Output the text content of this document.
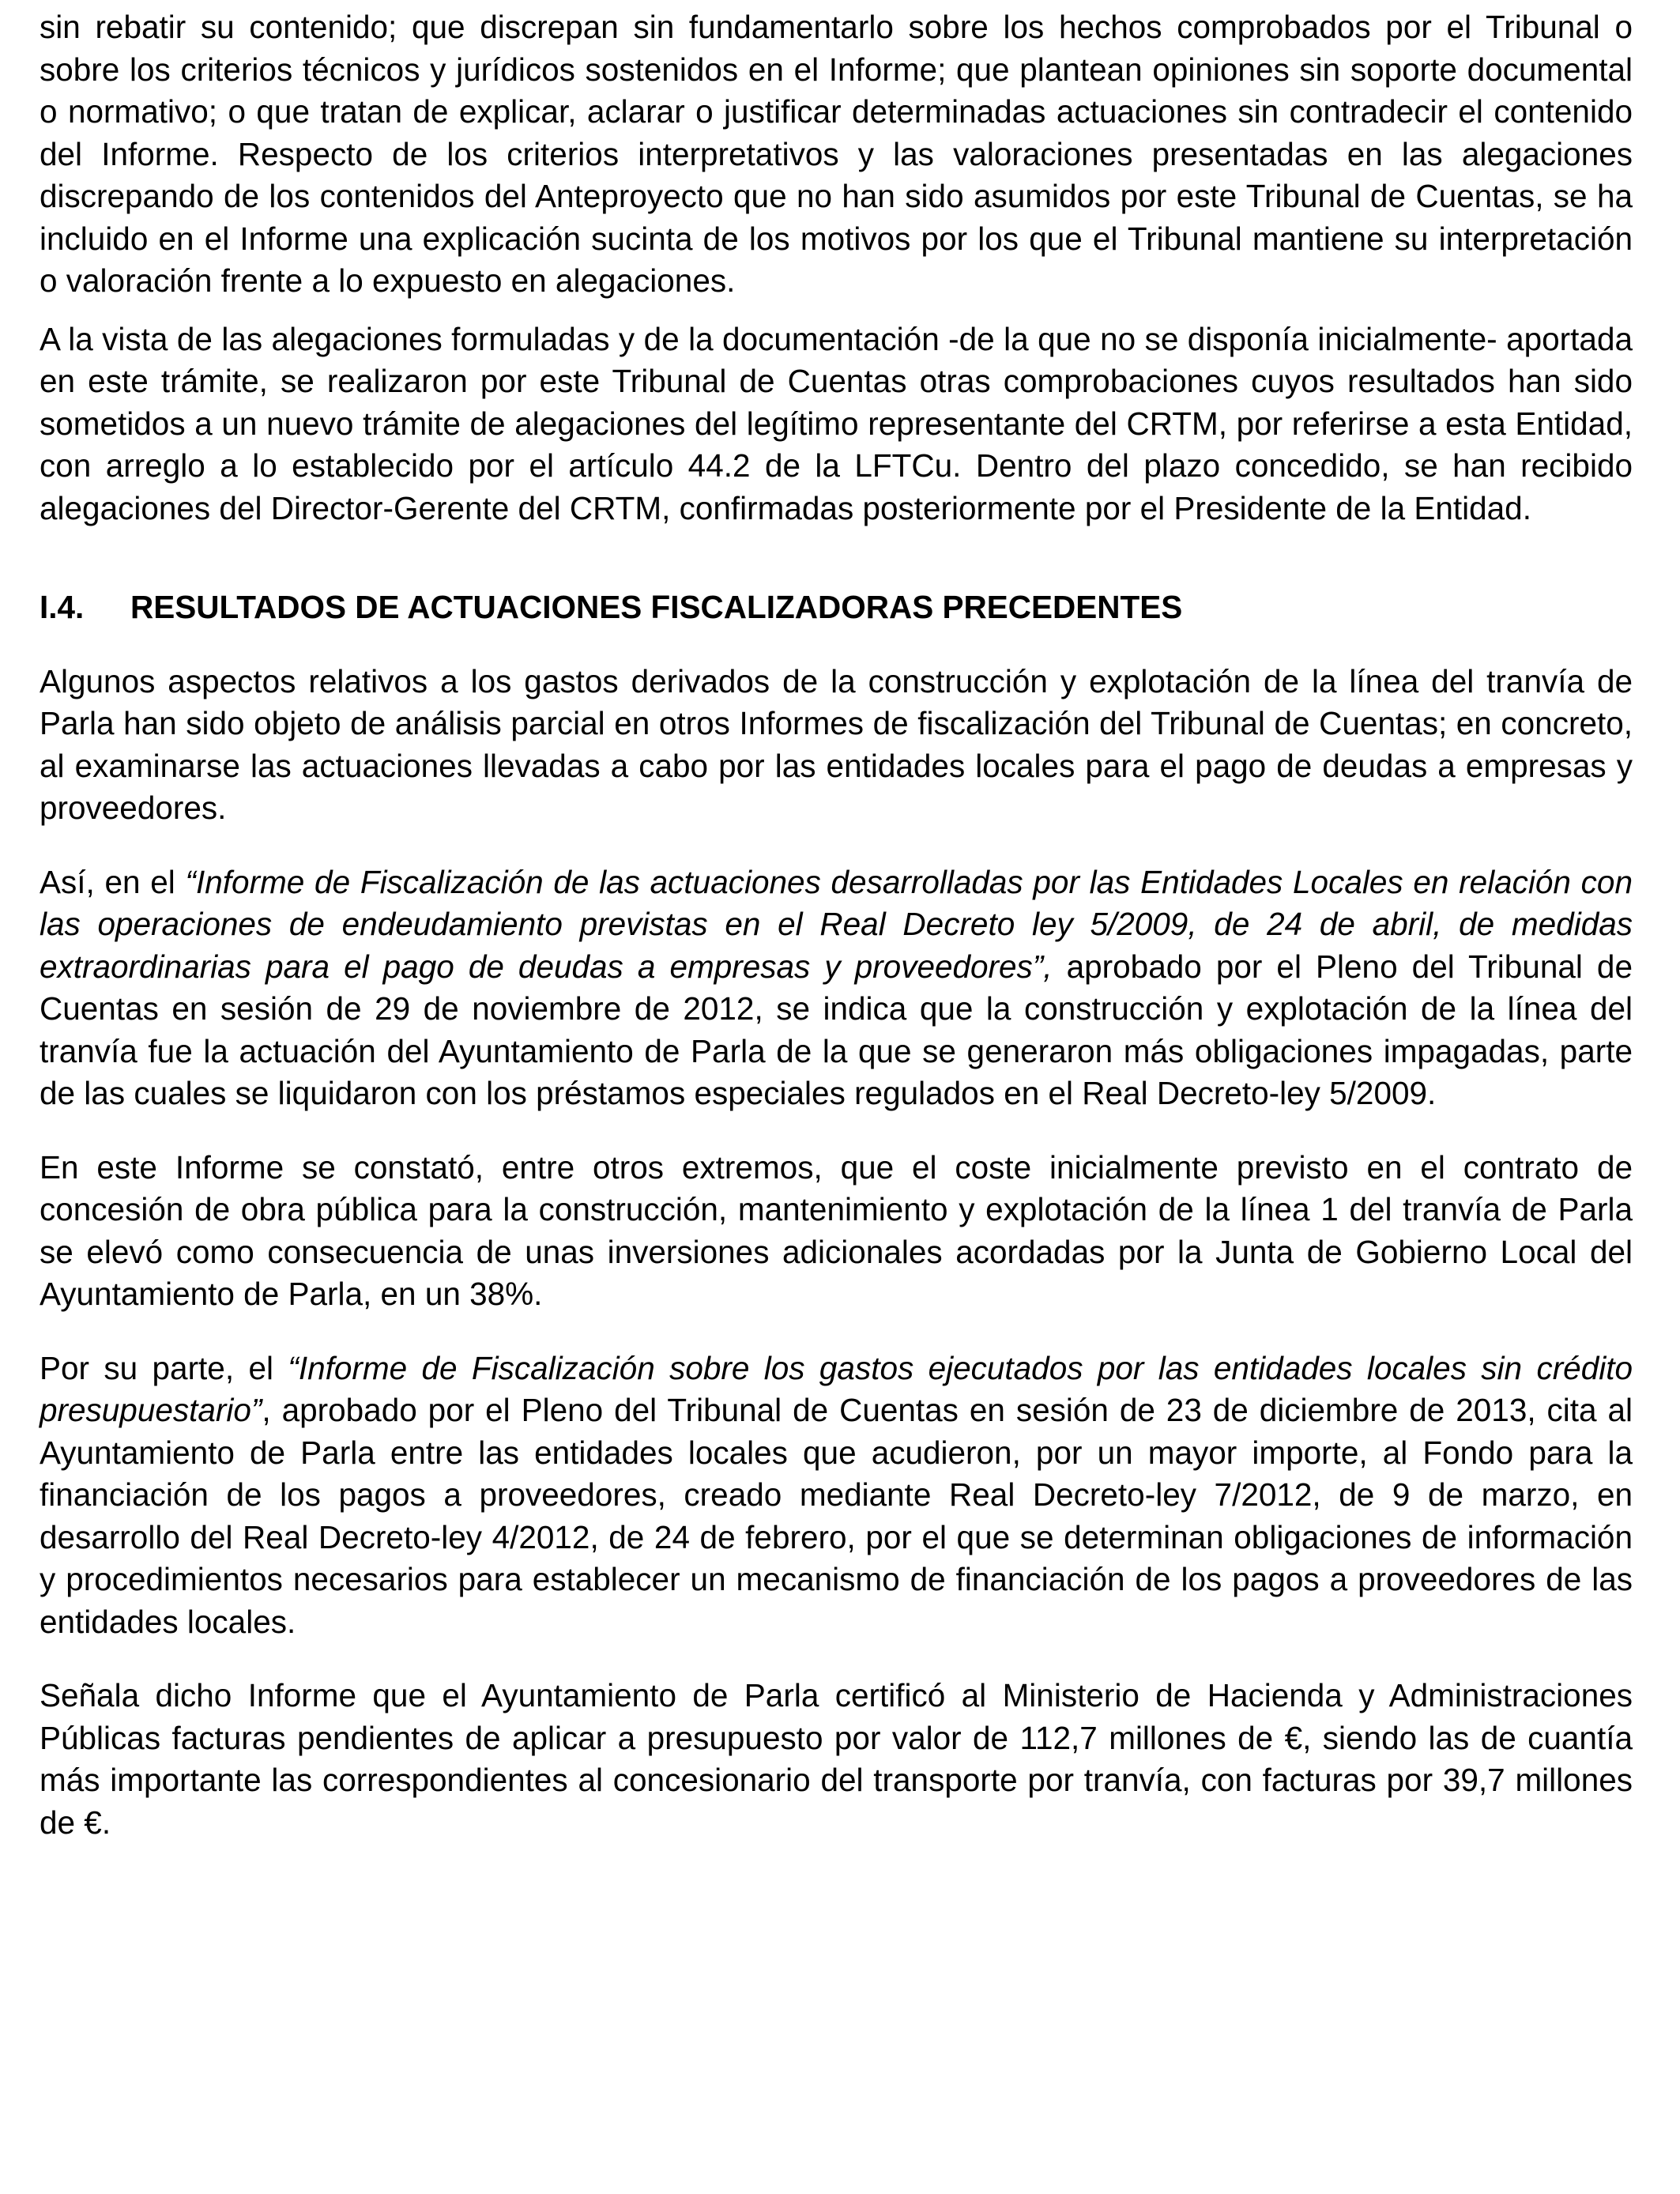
sin rebatir su contenido; que discrepan sin fundamentarlo sobre los hechos comprobados por el Tribunal o sobre los criterios técnicos y jurídicos sostenidos en el Informe; que plantean opiniones sin soporte documental o normativo; o que tratan de explicar, aclarar o justificar determinadas actuaciones sin contradecir el contenido del Informe. Respecto de los criterios interpretativos y las valoraciones presentadas en las alegaciones discrepando de los contenidos del Anteproyecto que no han sido asumidos por este Tribunal de Cuentas, se ha incluido en el Informe una explicación sucinta de los motivos por los que el Tribunal mantiene su interpretación o valoración frente a lo expuesto en alegaciones.

A la vista de las alegaciones formuladas y de la documentación -de la que no se disponía inicialmente- aportada en este trámite, se realizaron por este Tribunal de Cuentas otras comprobaciones cuyos resultados han sido sometidos a un nuevo trámite de alegaciones del legítimo representante del CRTM, por referirse a esta Entidad, con arreglo a lo establecido por el artículo 44.2 de la LFTCu. Dentro del plazo concedido, se han recibido alegaciones del Director-Gerente del CRTM, confirmadas posteriormente por el Presidente de la Entidad.

I.4.	RESULTADOS DE ACTUACIONES FISCALIZADORAS PRECEDENTES

Algunos aspectos relativos a los gastos derivados de la construcción y explotación de la línea del tranvía de Parla han sido objeto de análisis parcial en otros Informes de fiscalización del Tribunal de Cuentas; en concreto, al examinarse las actuaciones llevadas a cabo por las entidades locales para el pago de deudas a empresas y proveedores.

Así, en el “Informe de Fiscalización de las actuaciones desarrolladas por las Entidades Locales en relación con las operaciones de endeudamiento previstas en el Real Decreto ley 5/2009, de 24 de abril, de medidas extraordinarias para el pago de deudas a empresas y proveedores”, aprobado por el Pleno del Tribunal de Cuentas en sesión de 29 de noviembre de 2012, se indica que la construcción y explotación de la línea del tranvía fue la actuación del Ayuntamiento de Parla de la que se generaron más obligaciones impagadas, parte de las cuales se liquidaron con los préstamos especiales regulados en el Real Decreto-ley 5/2009.

En este Informe se constató, entre otros extremos, que el coste inicialmente previsto en el contrato de concesión de obra pública para la construcción, mantenimiento y explotación de la línea 1 del tranvía de Parla se elevó como consecuencia de unas inversiones adicionales acordadas por la Junta de Gobierno Local del Ayuntamiento de Parla, en un 38%.

Por su parte, el “Informe de Fiscalización sobre los gastos ejecutados por las entidades locales sin crédito presupuestario”, aprobado por el Pleno del Tribunal de Cuentas en sesión de 23 de diciembre de 2013, cita al Ayuntamiento de Parla entre las entidades locales que acudieron, por un mayor importe, al Fondo para la financiación de los pagos a proveedores, creado mediante Real Decreto-ley 7/2012, de 9 de marzo, en desarrollo del Real Decreto-ley 4/2012, de 24 de febrero, por el que se determinan obligaciones de información y procedimientos necesarios para establecer un mecanismo de financiación de los pagos a proveedores de las entidades locales.

Señala dicho Informe que el Ayuntamiento de Parla certificó al Ministerio de Hacienda y Administraciones Públicas facturas pendientes de aplicar a presupuesto por valor de 112,7 millones de €, siendo las de cuantía más importante las correspondientes al concesionario del transporte por tranvía, con facturas por 39,7 millones de €.
